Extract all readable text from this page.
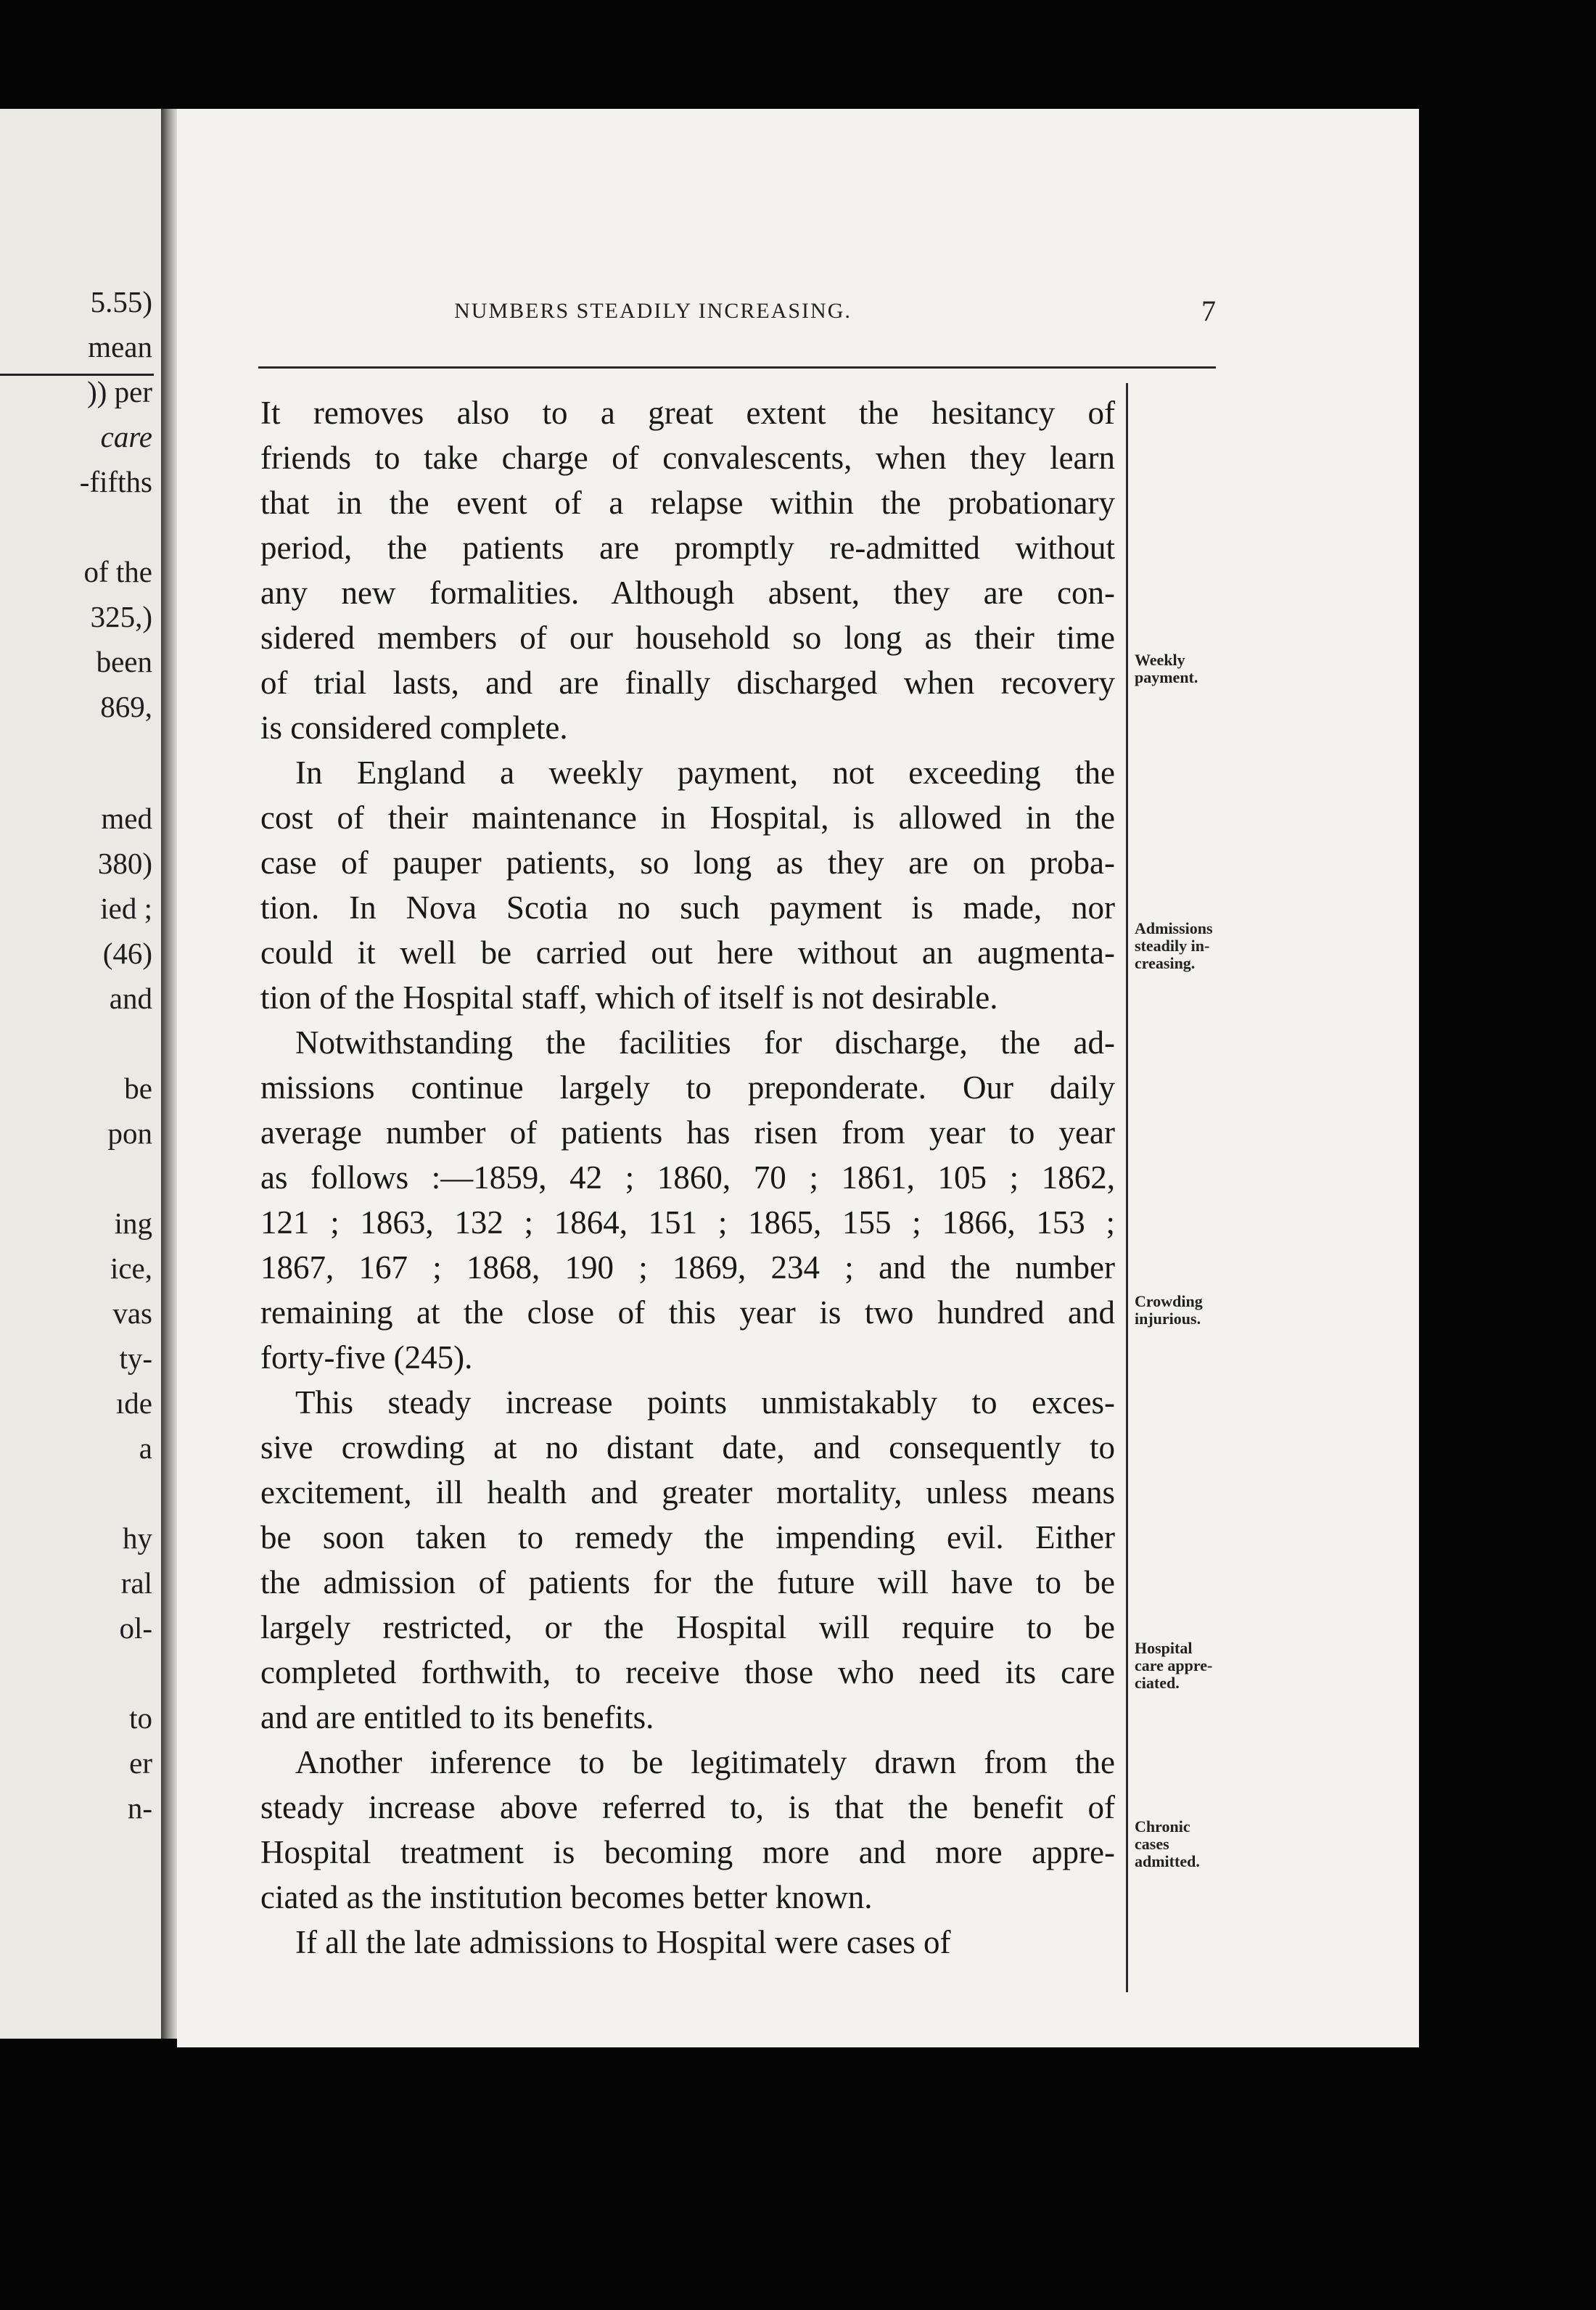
5.55)
mean
)) per
care
-fifths
of the
325,)
been
869,
med
380)
ied ;
(46)
and
be
pon
ing
ice,
vas
ty-
ıde
a
hy
ral
ol-
to
er
n-
NUMBERS STEADILY INCREASING.	7

It removes also to a great extent the hesitancy of
friends to take charge of convalescents, when they learn
that in the event of a relapse within the probationary
period, the patients are promptly re-admitted without
any new formalities. Although absent, they are con-
sidered members of our household so long as their time
of trial lasts, and are finally discharged when recovery
is considered complete.

In England a weekly payment, not exceeding the
cost of their maintenance in Hospital, is allowed in the
case of pauper patients, so long as they are on proba-
tion. In Nova Scotia no such payment is made, nor
could it well be carried out here without an augmenta-
tion of the Hospital staff, which of itself is not desirable.

Notwithstanding the facilities for discharge, the ad-
missions continue largely to preponderate. Our daily
average number of patients has risen from year to year
as follows :—1859, 42 ; 1860, 70 ; 1861, 105 ; 1862,
121 ; 1863, 132 ; 1864, 151 ; 1865, 155 ; 1866, 153 ;
1867, 167 ; 1868, 190 ; 1869, 234 ; and the number
remaining at the close of this year is two hundred and
forty-five (245).

This steady increase points unmistakably to exces-
sive crowding at no distant date, and consequently to
excitement, ill health and greater mortality, unless means
be soon taken to remedy the impending evil. Either
the admission of patients for the future will have to be
largely restricted, or the Hospital will require to be
completed forthwith, to receive those who need its care
and are entitled to its benefits.

Another inference to be legitimately drawn from the
steady increase above referred to, is that the benefit of
Hospital treatment is becoming more and more appre-
ciated as the institution becomes better known.

If all the late admissions to Hospital were cases of

Weekly
payment.
Admissions
steadily in-
creasing.
Crowding
injurious.
Hospital
care appre-
ciated.
Chronic
cases
admitted.
